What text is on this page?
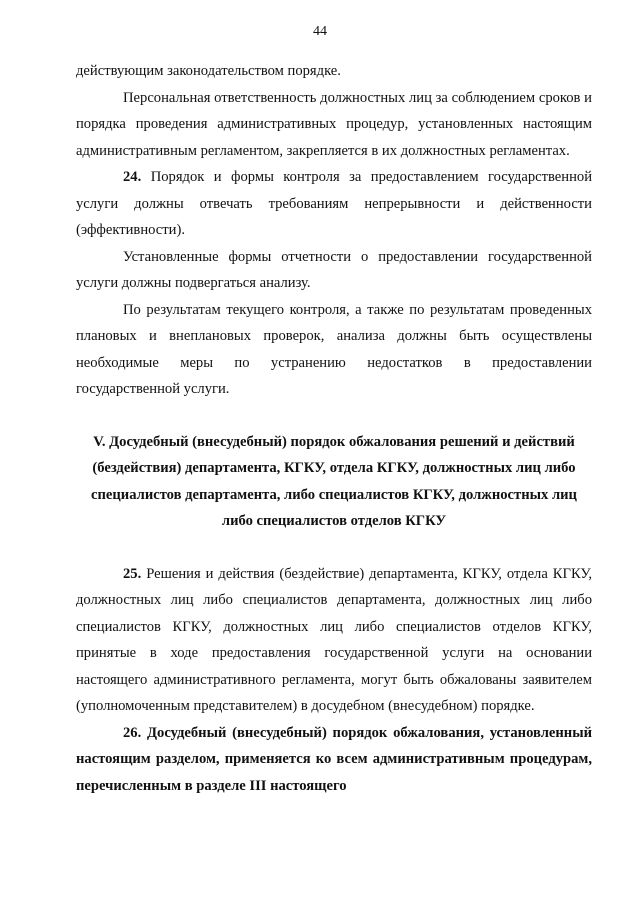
44

действующим законодательством порядке.

Персональная ответственность должностных лиц за соблюдением сроков и порядка проведения административных процедур, установленных настоящим административным регламентом, закрепляется в их должностных регламентах.

24. Порядок и формы контроля за предоставлением государственной услуги должны отвечать требованиям непрерывности и действенности (эффективности).

Установленные формы отчетности о предоставлении государственной услуги должны подвергаться анализу.

По результатам текущего контроля, а также по результатам проведенных плановых и внеплановых проверок, анализа должны быть осуществлены необходимые меры по устранению недостатков в предоставлении государственной услуги.

V. Досудебный (внесудебный) порядок обжалования решений и действий (бездействия) департамента, КГКУ, отдела КГКУ, должностных лиц либо специалистов департамента, либо специалистов КГКУ, должностных лиц либо специалистов отделов КГКУ

25. Решения и действия (бездействие) департамента, КГКУ, отдела КГКУ, должностных лиц либо специалистов департамента, должностных лиц либо специалистов КГКУ, должностных лиц либо специалистов отделов КГКУ, принятые в ходе предоставления государственной услуги на основании настоящего административного регламента, могут быть обжалованы заявителем (уполномоченным представителем) в досудебном (внесудебном) порядке.

26. Досудебный (внесудебный) порядок обжалования, установленный настоящим разделом, применяется ко всем административным процедурам, перечисленным в разделе III настоящего
